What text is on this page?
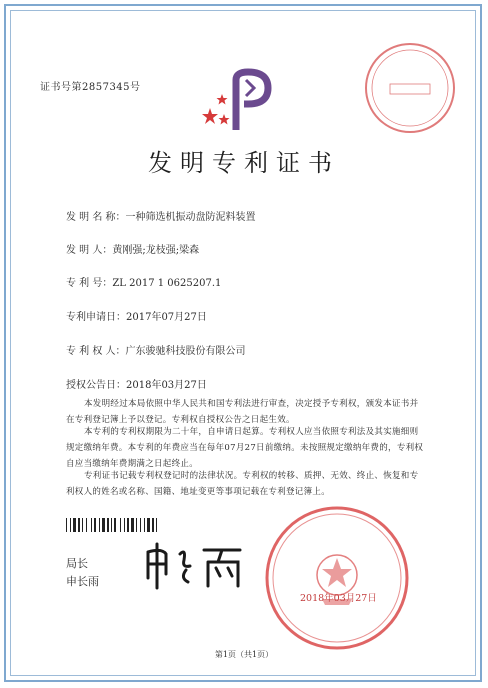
证书号第2857345号
发明专利证书
发 明 名 称：一种筛选机振动盘防泥料装置
发 明 人：黄刚强;龙枝强;梁森
专 利 号：ZL 2017 1 0625207.1
专利申请日：2017年07月27日
专 利 权 人：广东骏驰科技股份有限公司
授权公告日：2018年03月27日
本发明经过本局依照中华人民共和国专利法进行审查，决定授予专利权，颁发本证书并在专利登记簿上予以登记。专利权自授权公告之日起生效。
本专利的专利权期限为二十年，自申请日起算。专利权人应当依照专利法及其实施细则规定缴纳年费。本专利的年费应当在每年07月27日前缴纳。未按照规定缴纳年费的，专利权自应当缴纳年费期满之日起终止。
专利证书记载专利权登记时的法律状况。专利权的转移、质押、无效、终止、恢复和专利权人的姓名或名称、国籍、地址变更等事项记载在专利登记簿上。
局长
申长雨
2018年03月27日
第1页（共1页）
